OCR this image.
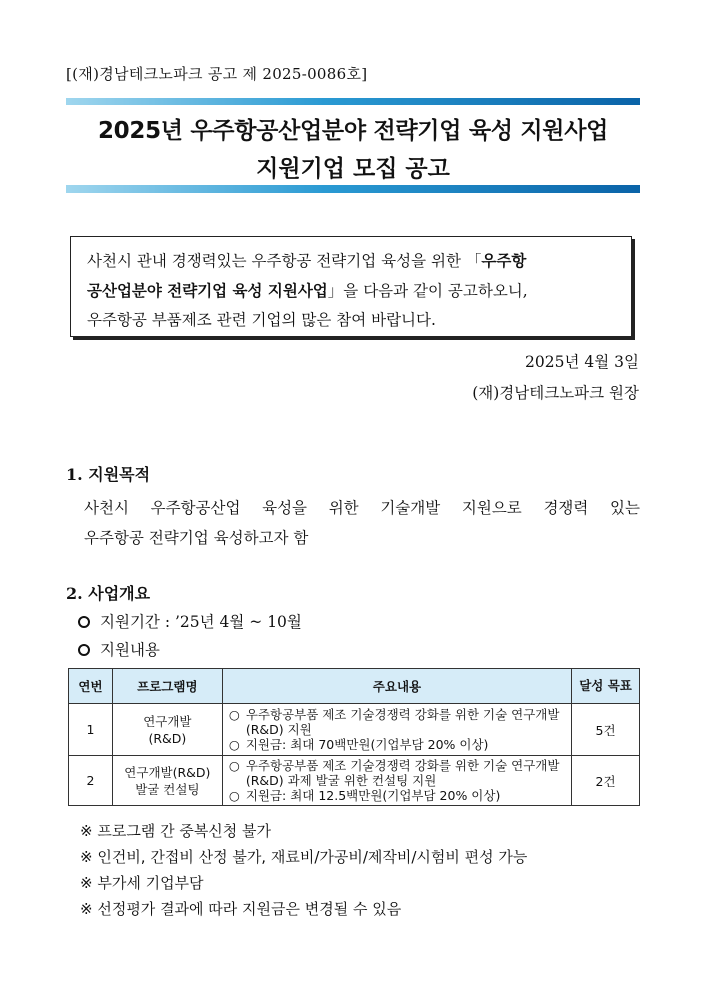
[(재)경남테크노파크 공고 제 2025-0086호]
2025년 우주항공산업분야 전략기업 육성 지원사업
지원기업 모집 공고
사천시 관내 경쟁력있는 우주항공 전략기업 육성을 위한 「우주항
공산업분야 전략기업 육성 지원사업」을 다음과 같이 공고하오니,
우주항공 부품제조 관련 기업의 많은 참여 바랍니다.
2025년 4월 3일
(재)경남테크노파크 원장
1. 지원목적
사천시 우주항공산업 육성을 위한 기술개발 지원으로 경쟁력 있는
우주항공 전략기업 육성하고자 함
2. 사업개요
지원기간 : ’25년 4월 ~ 10월
지원내용
연번	프로그램명	주요내용	달성 목표
1	연구개발 (R&D)	○ 우주항공부품 제조 기술경쟁력 강화를 위한 기술 연구개발(R&D) 지원
○ 지원금: 최대 70백만원(기업부담 20% 이상)	5건
2	연구개발(R&D) 발굴 컨설팅	○ 우주항공부품 제조 기술경쟁력 강화를 위한 기술 연구개발(R&D) 과제 발굴 위한 컨설팅 지원
○ 지원금: 최대 12.5백만원(기업부담 20% 이상)	2건
※ 프로그램 간 중복신청 불가
※ 인건비, 간접비 산정 불가, 재료비/가공비/제작비/시험비 편성 가능
※ 부가세 기업부담
※ 선정평가 결과에 따라 지원금은 변경될 수 있음
